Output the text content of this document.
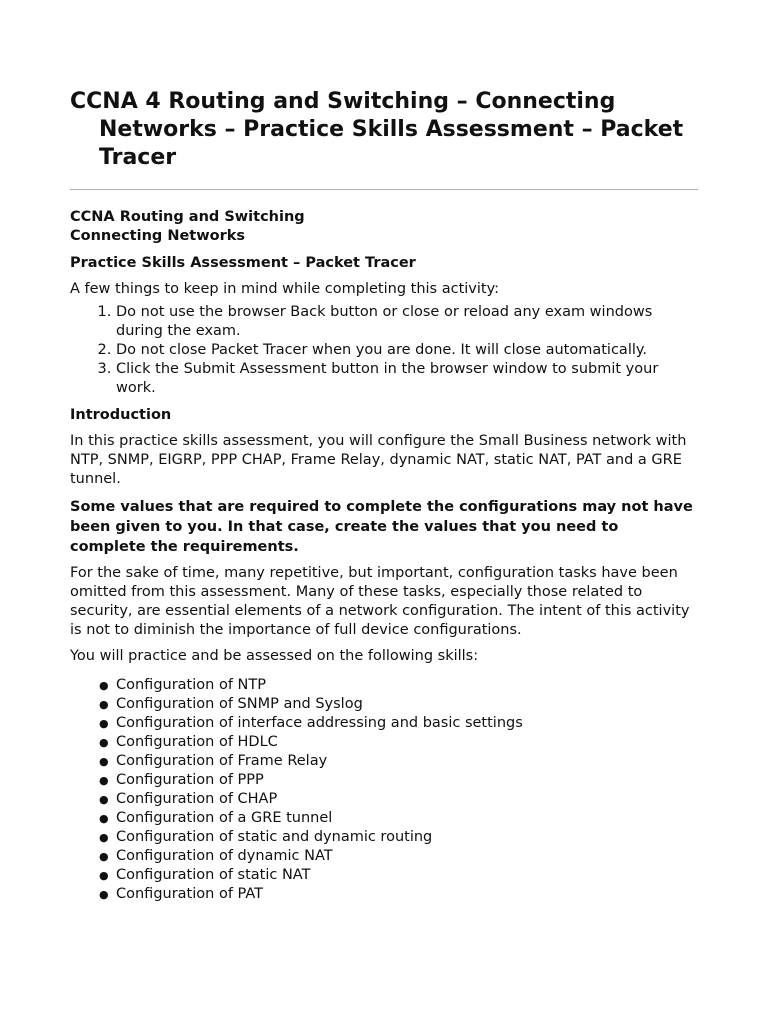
CCNA 4 Routing and Switching – Connecting Networks – Practice Skills Assessment – Packet Tracer
CCNA Routing and Switching
Connecting Networks
Practice Skills Assessment – Packet Tracer

A few things to keep in mind while completing this activity:

1. Do not use the browser Back button or close or reload any exam windows during the exam.
2. Do not close Packet Tracer when you are done. It will close automatically.
3. Click the Submit Assessment button in the browser window to submit your work.
Introduction

In this practice skills assessment, you will configure the Small Business network with NTP, SNMP, EIGRP, PPP CHAP, Frame Relay, dynamic NAT, static NAT, PAT and a GRE tunnel.

Some values that are required to complete the configurations may not have been given to you. In that case, create the values that you need to complete the requirements.

For the sake of time, many repetitive, but important, configuration tasks have been omitted from this assessment. Many of these tasks, especially those related to security, are essential elements of a network configuration. The intent of this activity is not to diminish the importance of full device configurations.

You will practice and be assessed on the following skills:

● Configuration of NTP
● Configuration of SNMP and Syslog
● Configuration of interface addressing and basic settings
● Configuration of HDLC
● Configuration of Frame Relay
● Configuration of PPP
● Configuration of CHAP
● Configuration of a GRE tunnel
● Configuration of static and dynamic routing
● Configuration of dynamic NAT
● Configuration of static NAT
● Configuration of PAT
